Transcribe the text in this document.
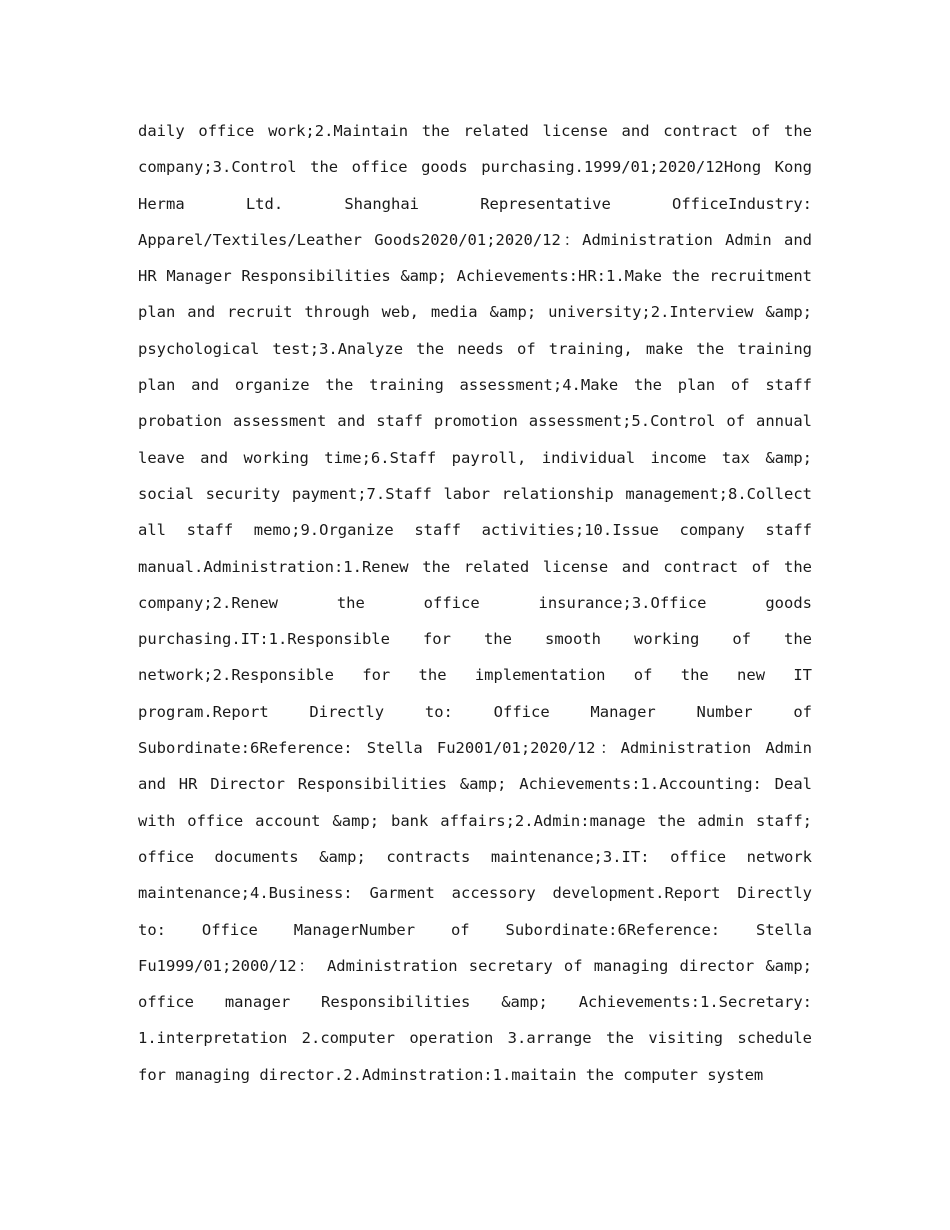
daily office work;2.Maintain the related license and contract of the company;3.Control the office goods purchasing.1999/01;2020/12Hong Kong Herma Ltd. Shanghai Representative OfficeIndustry: Apparel/Textiles/Leather Goods2020/01;2020/12：Administration Admin and HR Manager Responsibilities &amp; Achievements:HR:1.Make the recruitment plan and recruit through web, media &amp; university;2.Interview &amp; psychological test;3.Analyze the needs of training, make the training plan and organize the training assessment;4.Make the plan of staff probation assessment and staff promotion assessment;5.Control of annual leave and working time;6.Staff payroll, individual income tax &amp; social security payment;7.Staff labor relationship management;8.Collect all staff memo;9.Organize staff activities;10.Issue company staff manual.Administration:1.Renew the related license and contract of the company;2.Renew the office insurance;3.Office goods purchasing.IT:1.Responsible for the smooth working of the network;2.Responsible for the implementation of the new IT program.Report Directly to: Office Manager Number of Subordinate:6Reference: Stella Fu2001/01;2020/12：Administration Admin and HR Director Responsibilities &amp; Achievements:1.Accounting: Deal with office account &amp; bank affairs;2.Admin:manage the admin staff; office documents &amp; contracts maintenance;3.IT: office network maintenance;4.Business: Garment accessory development.Report Directly to: Office ManagerNumber of Subordinate:6Reference: Stella Fu1999/01;2000/12： Administration secretary of managing director &amp; office manager Responsibilities &amp; Achievements:1.Secretary: 1.interpretation 2.computer operation 3.arrange the visiting schedule for managing director.2.Adminstration:1.maitain the computer system
